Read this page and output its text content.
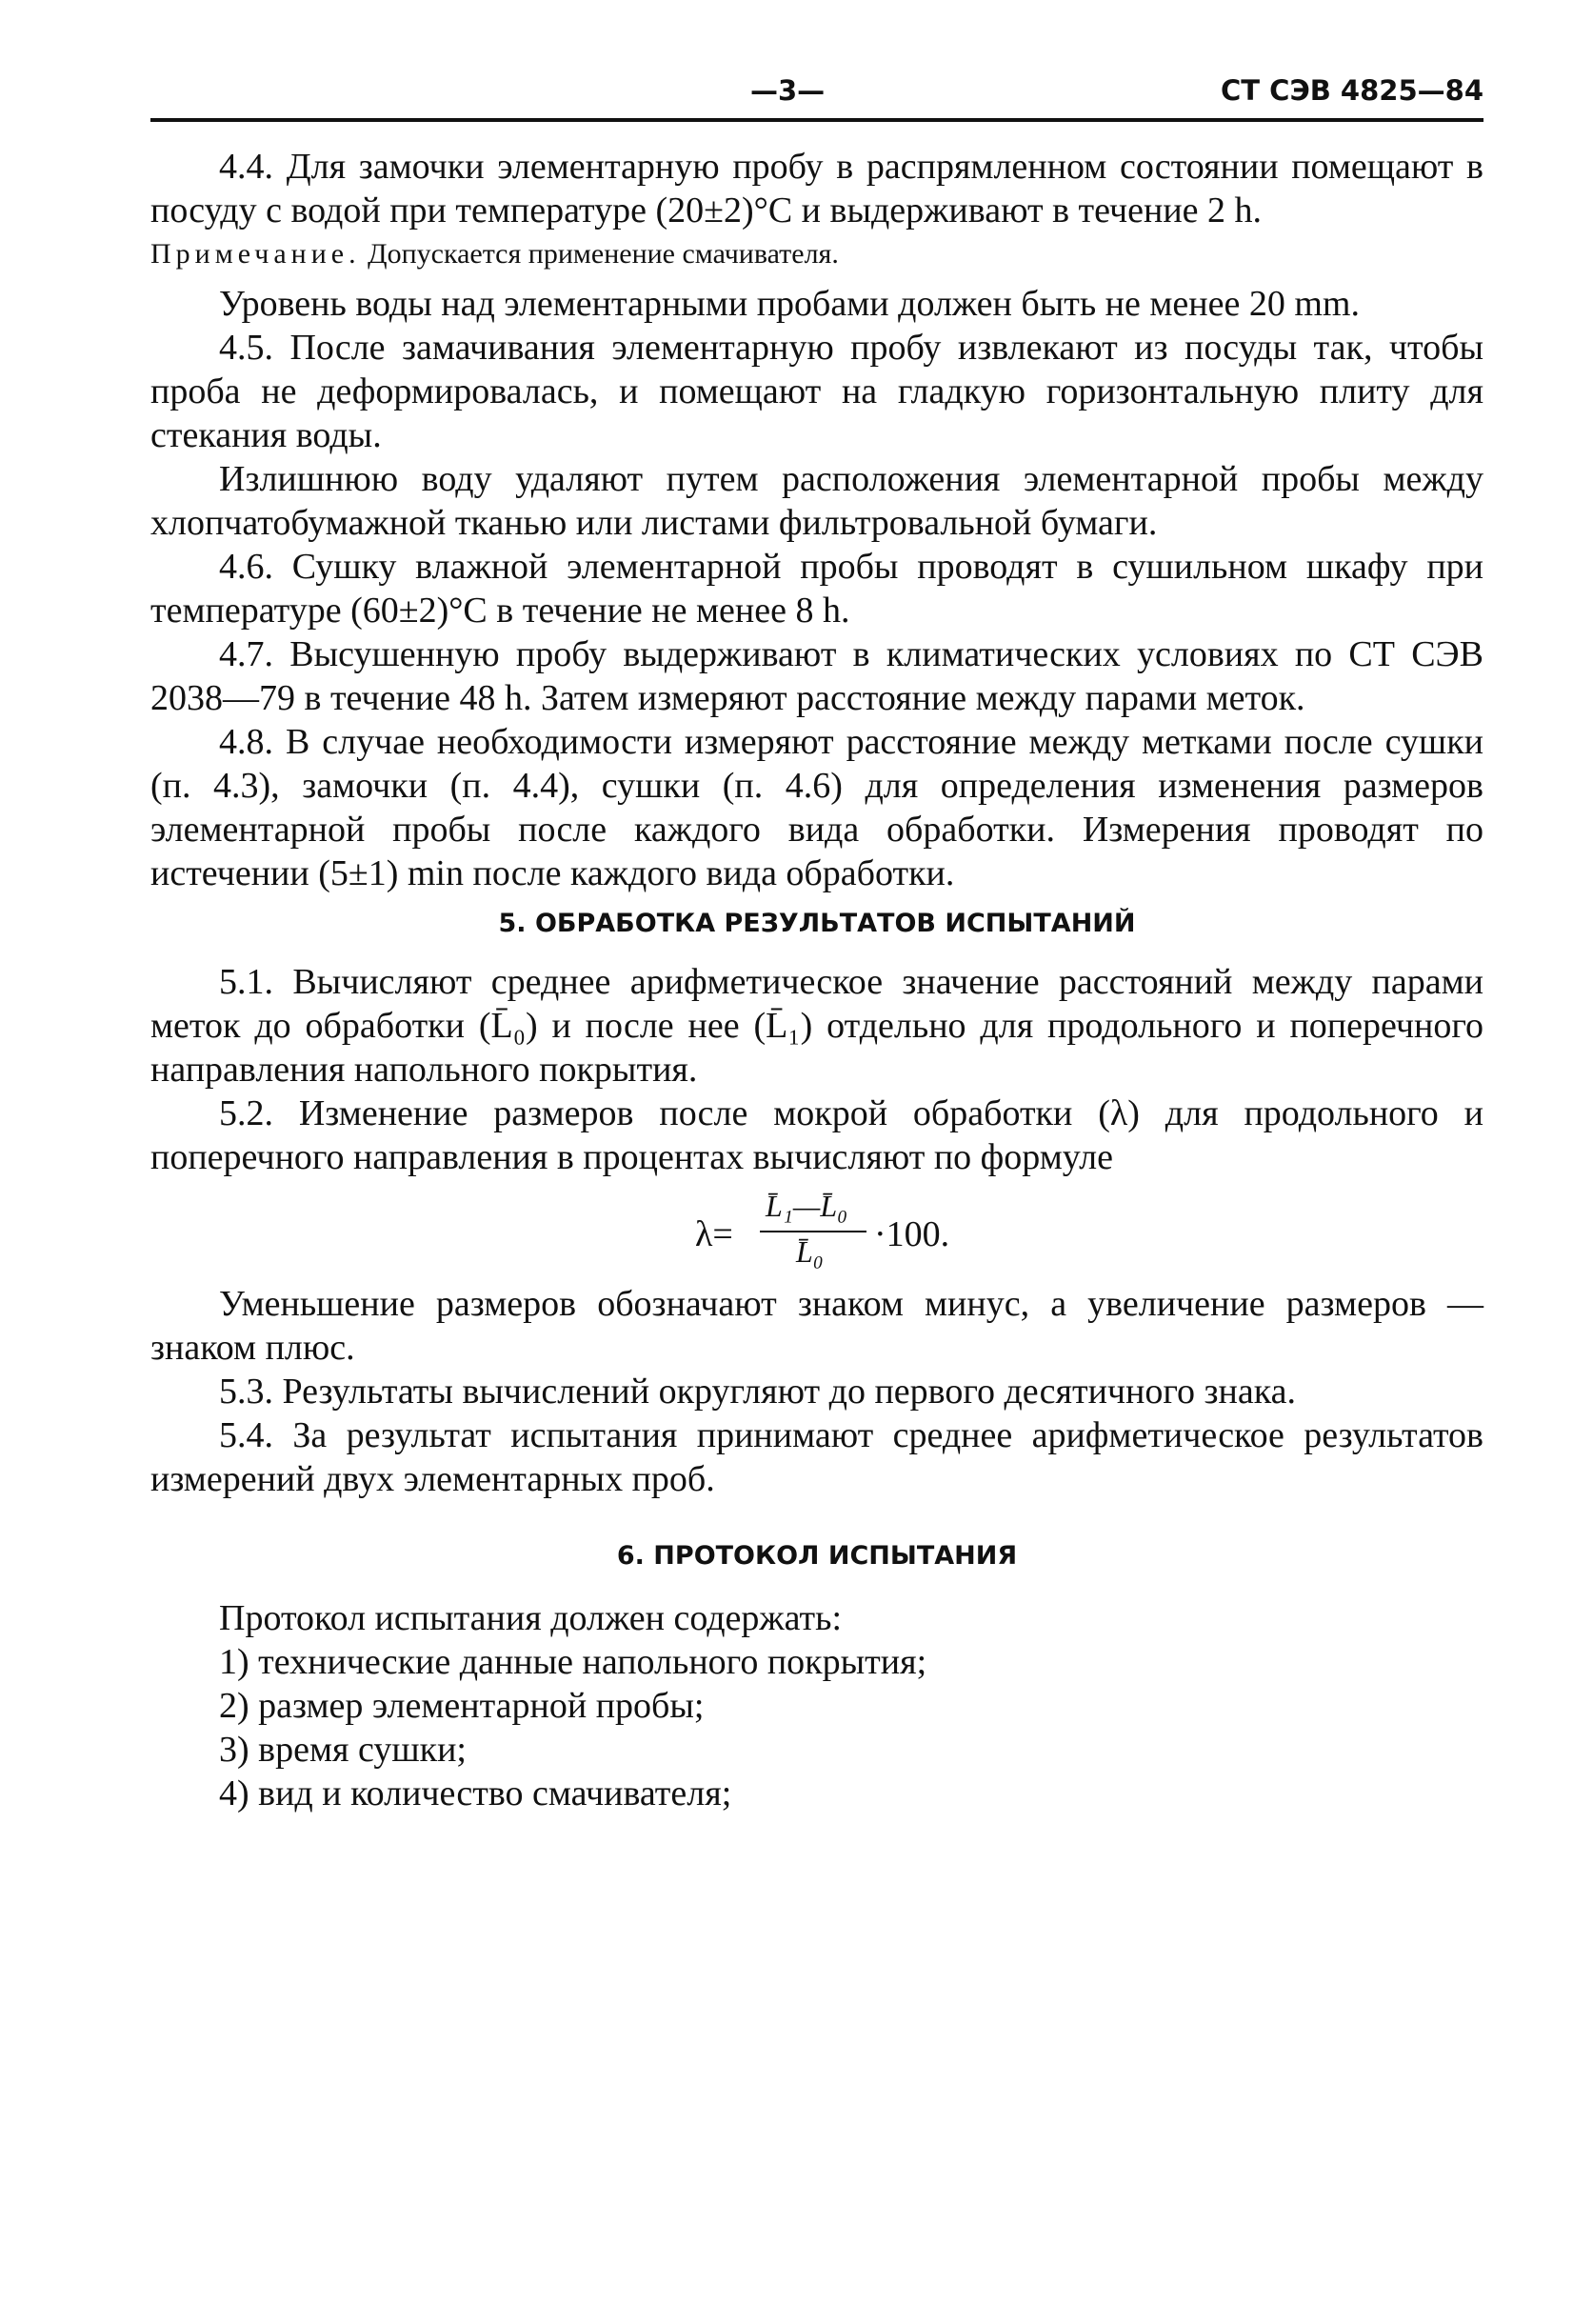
—3—	СТ СЭВ 4825—84

4.4. Для замочки элементарную пробу в распрямленном состоянии помещают в посуду с водой при температуре (20±2)°С и выдерживают в течение 2 h.

Примечание. Допускается применение смачивателя.

Уровень воды над элементарными пробами должен быть не менее 20 mm.

4.5. После замачивания элементарную пробу извлекают из посуды так, чтобы проба не деформировалась, и помещают на гладкую горизонтальную плиту для стекания воды.

Излишнюю воду удаляют путем расположения элементарной пробы между хлопчатобумажной тканью или листами фильтровальной бумаги.

4.6. Сушку влажной элементарной пробы проводят в сушильном шкафу при температуре (60±2)°С в течение не менее 8 h.

4.7. Высушенную пробу выдерживают в климатических условиях по СТ СЭВ 2038—79 в течение 48 h. Затем измеряют расстояние между парами меток.

4.8. В случае необходимости измеряют расстояние между метками после сушки (п. 4.3), замочки (п. 4.4), сушки (п. 4.6) для определения изменения размеров элементарной пробы после каждого вида обработки. Измерения проводят по истечении (5±1) min после каждого вида обработки.

5. ОБРАБОТКА РЕЗУЛЬТАТОВ ИСПЫТАНИЙ

5.1. Вычисляют среднее арифметическое значение расстояний между парами меток до обработки (L̄₀) и после нее (L̄₁) отдельно для продольного и поперечного направления напольного покрытия.

5.2. Изменение размеров после мокрой обработки (λ) для продольного и поперечного направления в процентах вычисляют по формуле

λ=
L̄₁—L̄₀
L̄₀ ·100.

Уменьшение размеров обозначают знаком минус, а увеличение размеров — знаком плюс.

5.3. Результаты вычислений округляют до первого десятичного знака.

5.4. За результат испытания принимают среднее арифметическое результатов измерений двух элементарных проб.

6. ПРОТОКОЛ ИСПЫТАНИЯ

Протокол испытания должен содержать:

1) технические данные напольного покрытия;

2) размер элементарной пробы;

3) время сушки;

4) вид и количество смачивателя;
